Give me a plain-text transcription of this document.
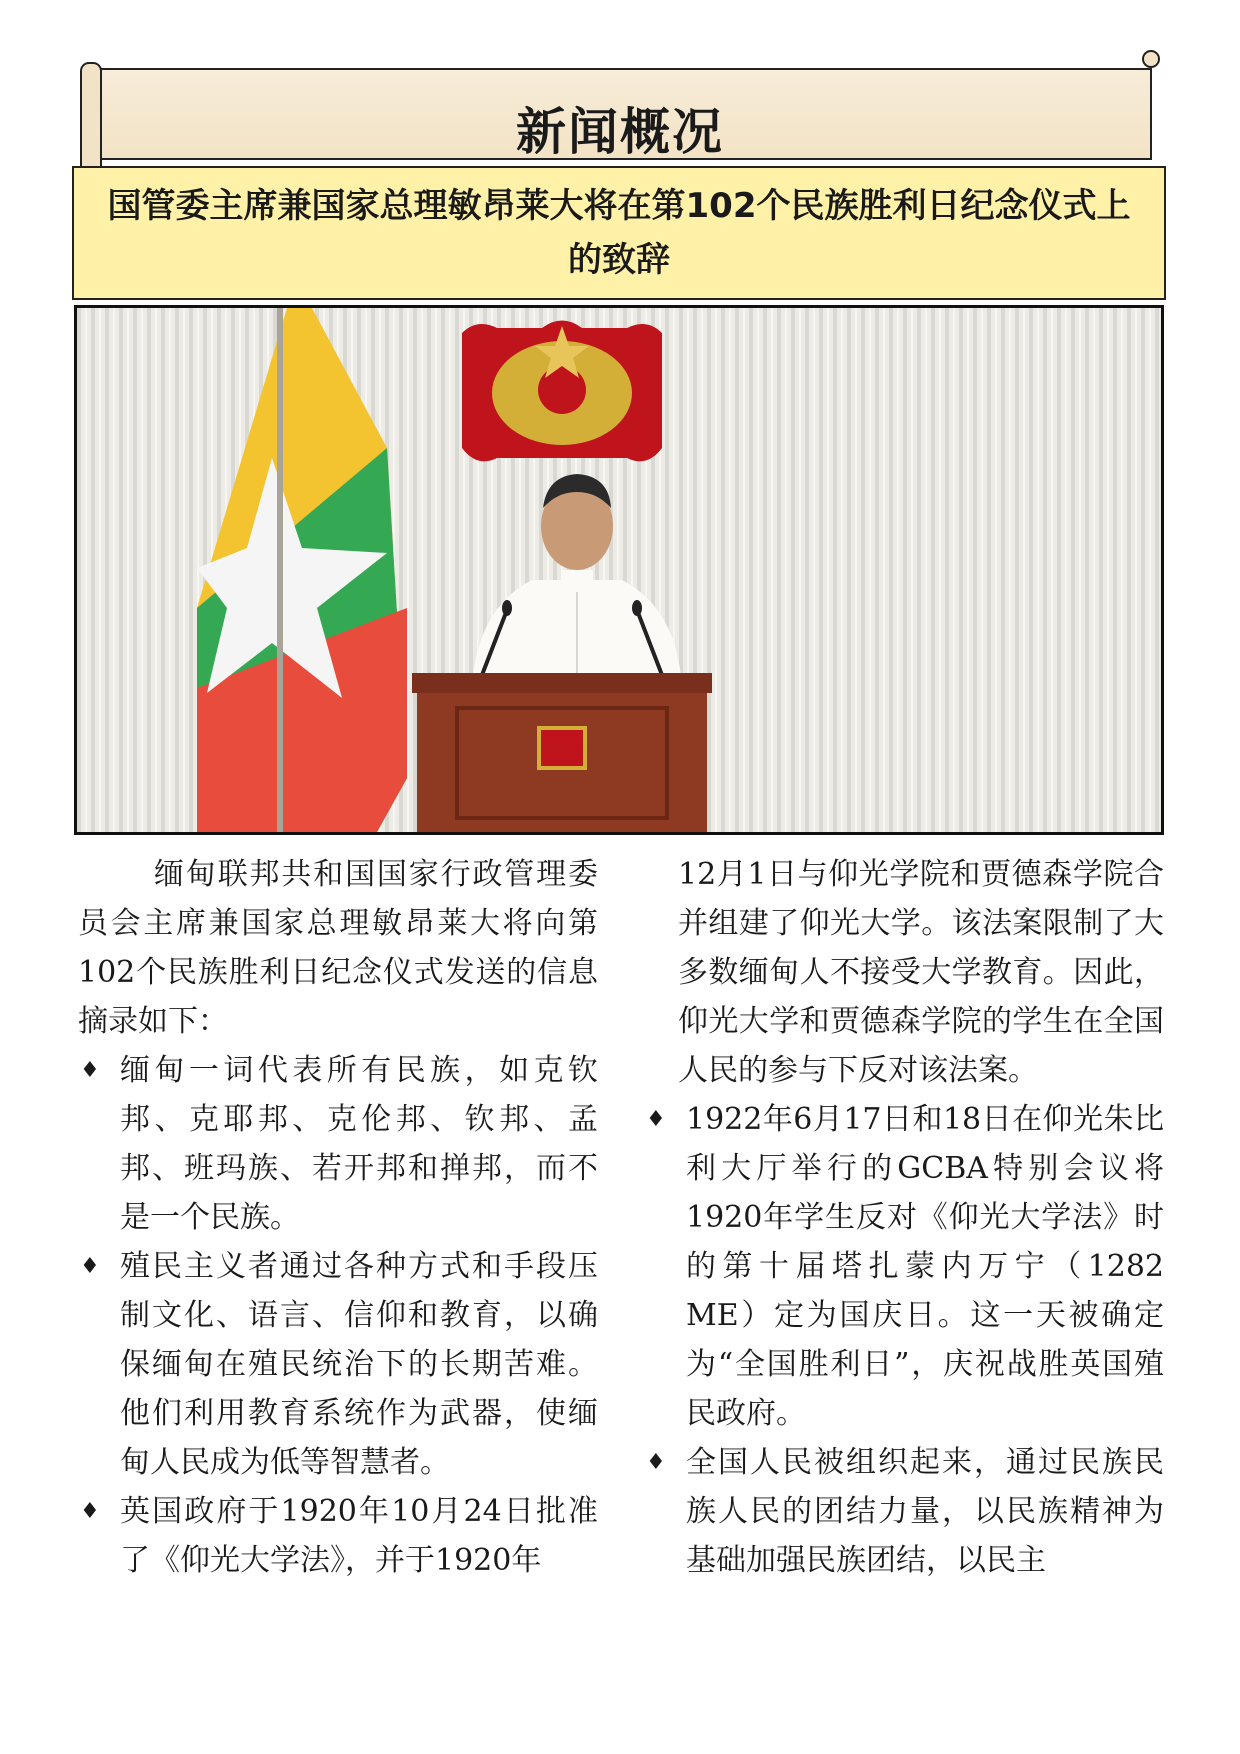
新闻概况
国管委主席兼国家总理敏昂莱大将在第102个民族胜利日纪念仪式上的致辞

缅甸联邦共和国国家行政管理委员会主席兼国家总理敏昂莱大将向第102个民族胜利日纪念仪式发送的信息摘录如下：

♦ 缅甸一词代表所有民族，如克钦邦、克耶邦、克伦邦、钦邦、孟邦、班玛族、若开邦和掸邦，而不是一个民族。

♦ 殖民主义者通过各种方式和手段压制文化、语言、信仰和教育，以确保缅甸在殖民统治下的长期苦难。他们利用教育系统作为武器，使缅甸人民成为低等智慧者。

♦ 英国政府于1920年10月24日批准了《仰光大学法》，并于1920年

12月1日与仰光学院和贾德森学院合并组建了仰光大学。该法案限制了大多数缅甸人不接受大学教育。因此，仰光大学和贾德森学院的学生在全国人民的参与下反对该法案。

♦ 1922年6月17日和18日在仰光朱比利大厅举行的GCBA特别会议将1920年学生反对《仰光大学法》时的第十届塔扎蒙内万宁（1282 ME）定为国庆日。这一天被确定为“全国胜利日”，庆祝战胜英国殖民政府。

♦ 全国人民被组织起来，通过民族民族人民的团结力量，以民族精神为基础加强民族团结，以民主
